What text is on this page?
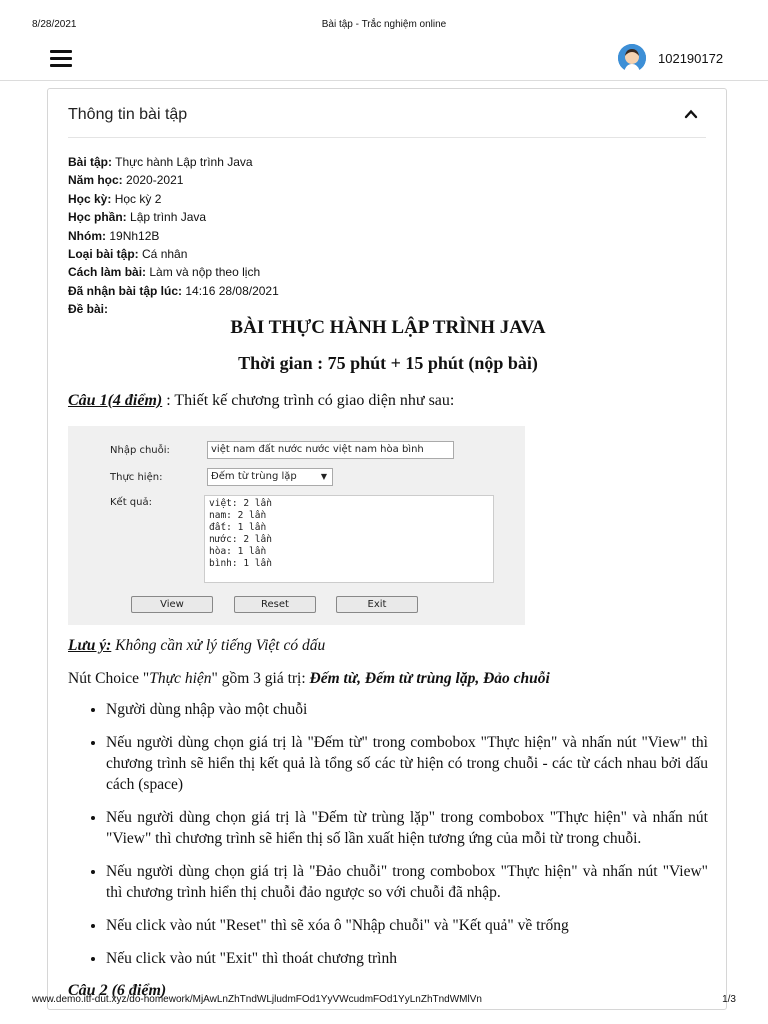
8/28/2021	Bài tập - Trắc nghiệm online
102190172
Thông tin bài tập
Bài tập: Thực hành Lập trình Java
Năm học: 2020-2021
Học kỳ: Học kỳ 2
Học phần: Lập trình Java
Nhóm: 19Nh12B
Loại bài tập: Cá nhân
Cách làm bài: Làm và nộp theo lịch
Đã nhận bài tập lúc: 14:16 28/08/2021
Đề bài:
BÀI THỰC HÀNH LẬP TRÌNH JAVA
Thời gian : 75 phút + 15 phút (nộp bài)
Câu 1(4 điểm) : Thiết kế chương trình có giao diện như sau:
Nhập chuỗi:	việt nam đất nước nước việt nam hòa bình
Thực hiện:	Đếm từ trùng lặp	▼
Kết quả:	việt: 2 lần
nam: 2 lần
đất: 1 lần
nước: 2 lần
hòa: 1 lần
bình: 1 lần
View	Reset	Exit
Lưu ý: Không cần xử lý tiếng Việt có dấu
Nút Choice "Thực hiện" gồm 3 giá trị: Đếm từ, Đếm từ trùng lặp, Đảo chuỗi
• Người dùng nhập vào một chuỗi
• Nếu người dùng chọn giá trị là "Đếm từ" trong combobox "Thực hiện" và nhấn nút "View" thì chương trình sẽ hiển thị kết quả là tổng số các từ hiện có trong chuỗi - các từ cách nhau bởi dấu cách (space)
• Nếu người dùng chọn giá trị là "Đếm từ trùng lặp" trong combobox "Thực hiện" và nhấn nút "View" thì chương trình sẽ hiển thị số lần xuất hiện tương ứng của mỗi từ trong chuỗi.
• Nếu người dùng chọn giá trị là "Đảo chuỗi" trong combobox "Thực hiện" và nhấn nút "View" thì chương trình hiển thị chuỗi đảo ngược so với chuỗi đã nhập.
• Nếu click vào nút "Reset" thì sẽ xóa ô "Nhập chuỗi" và "Kết quả" về trống
• Nếu click vào nút "Exit" thì thoát chương trình
Câu 2 (6 điểm)
www.demo.itf-dut.xyz/do-homework/MjAwLnZhTndWLjludmFOd1YyVWcudmFOd1YyLnZhTndWMlVn	1/3
